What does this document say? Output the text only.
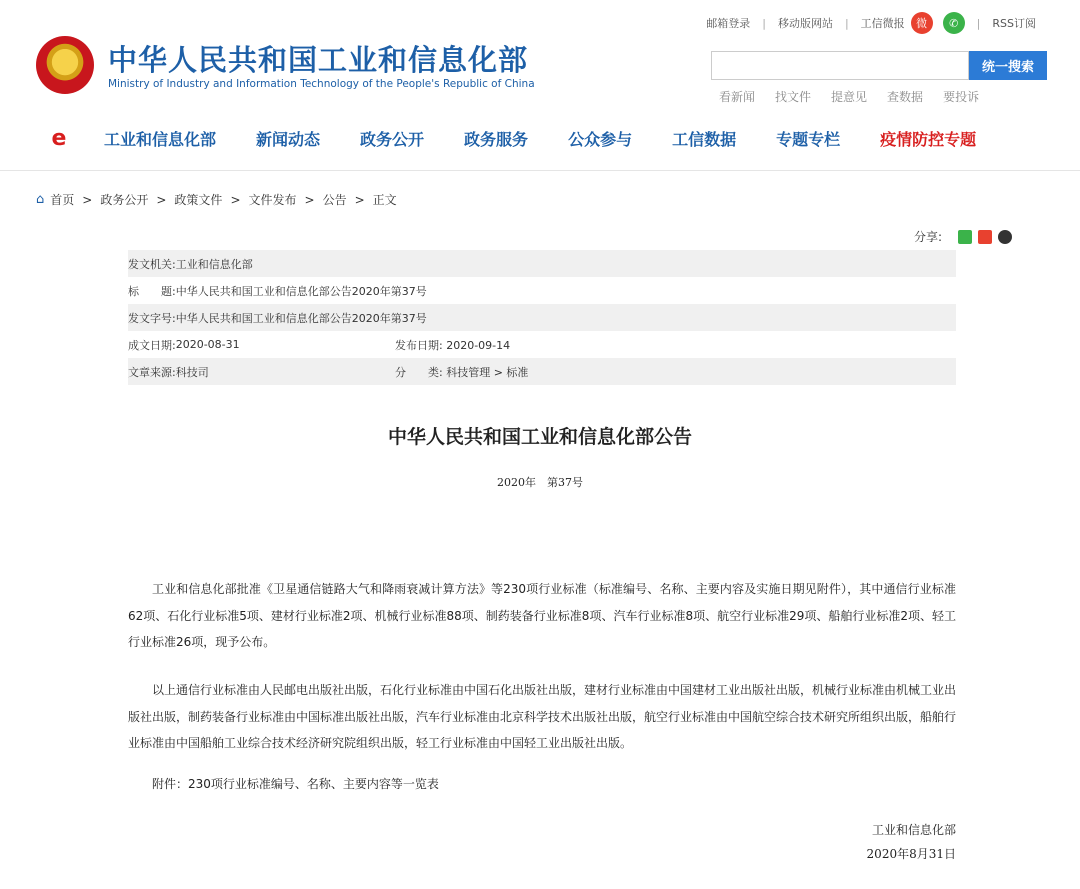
★
中华人民共和国工业和信息化部
Ministry of Industry and Information Technology of the People's Republic of China
邮箱登录 | 移动版网站 | 工信微报	微	✆	| RSS订阅
统一搜索
看新闻 找文件 提意见 查数据 要投诉
e	工业和信息化部	新闻动态	政务公开	政务服务	公众参与	工信数据	专题专栏	疫情防控专题
⌂ 首页 > 政务公开 > 政策文件 > 文件发布 > 公告 > 正文
分享:
发文机关: 工业和信息化部
标　　题: 中华人民共和国工业和信息化部公告2020年第37号
发文字号: 中华人民共和国工业和信息化部公告2020年第37号
成文日期: 2020-08-31	发布日期: 2020-09-14
文章来源: 科技司	分　　类: 科技管理 > 标准
中华人民共和国工业和信息化部公告
2020年　第37号

工业和信息化部批准《卫星通信链路大气和降雨衰减计算方法》等230项行业标准（标准编号、名称、主要内容及实施日期见附件），其中通信行业标准62项、石化行业标准5项、建材行业标准2项、机械行业标准88项、制药装备行业标准8项、汽车行业标准8项、航空行业标准29项、船舶行业标准2项、轻工行业标准26项，现予公布。

以上通信行业标准由人民邮电出版社出版，石化行业标准由中国石化出版社出版，建材行业标准由中国建材工业出版社出版，机械行业标准由机械工业出版社出版，制药装备行业标准由中国标准出版社出版，汽车行业标准由北京科学技术出版社出版，航空行业标准由中国航空综合技术研究所组织出版，船舶行业标准由中国船舶工业综合技术经济研究院组织出版，轻工行业标准由中国轻工业出版社出版。

附件：230项行业标准编号、名称、主要内容等一览表

工业和信息化部
2020年8月31日
